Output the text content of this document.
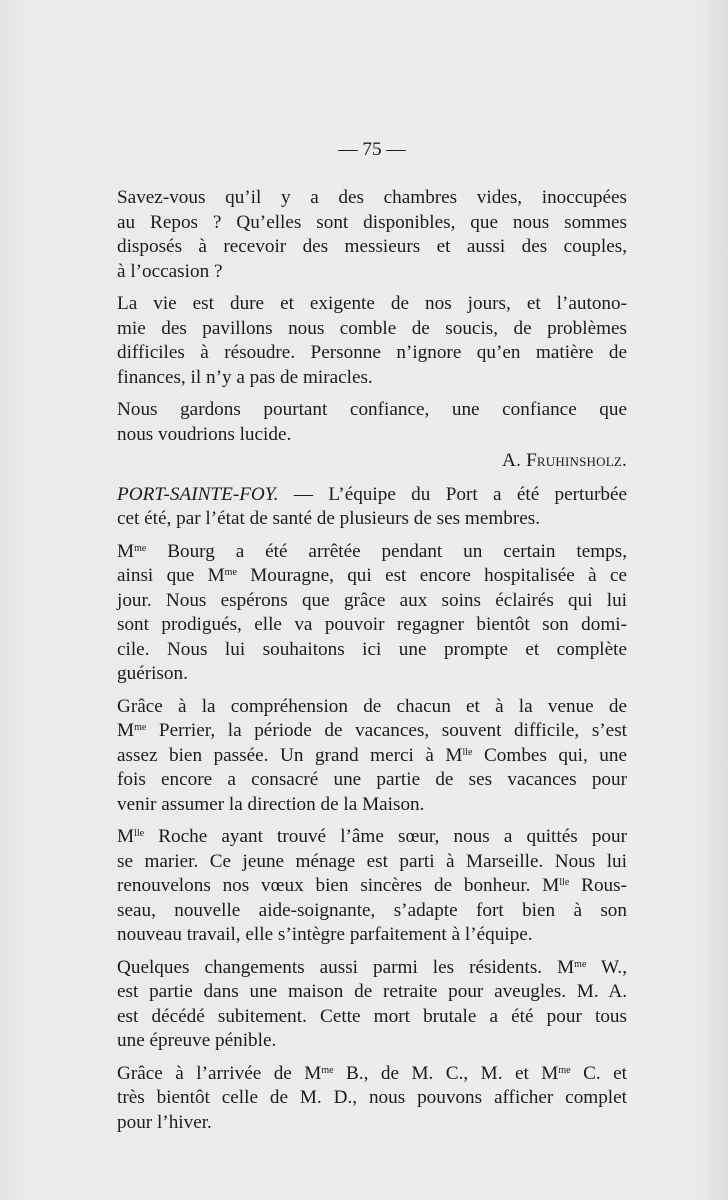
— 75 —
Savez-vous qu’il y a des chambres vides, inoccupées
au Repos ? Qu’elles sont disponibles, que nous sommes
disposés à recevoir des messieurs et aussi des couples,
à l’occasion ?
La vie est dure et exigente de nos jours, et l’autono-
mie des pavillons nous comble de soucis, de problèmes
difficiles à résoudre. Personne n’ignore qu’en matière de
finances, il n’y a pas de miracles.
Nous gardons pourtant confiance, une confiance que
nous voudrions lucide.
A. Fruhinsholz.
PORT-SAINTE-FOY. — L’équipe du Port a été perturbée
cet été, par l’état de santé de plusieurs de ses membres.
$M^{me}$ Bourg a été arrêtée pendant un certain temps,
ainsi que $M^{me}$ Mouragne, qui est encore hospitalisée à ce
jour. Nous espérons que grâce aux soins éclairés qui lui
sont prodigués, elle va pouvoir regagner bientôt son domi-
cile. Nous lui souhaitons ici une prompte et complète
guérison.
Grâce à la compréhension de chacun et à la venue de
$M^{me}$ Perrier, la période de vacances, souvent difficile, s’est
assez bien passée. Un grand merci à $M^{lle}$ Combes qui, une
fois encore a consacré une partie de ses vacances pour
venir assumer la direction de la Maison.
$M^{lle}$ Roche ayant trouvé l’âme sœur, nous a quittés pour
se marier. Ce jeune ménage est parti à Marseille. Nous lui
renouvelons nos vœux bien sincères de bonheur. $M^{lle}$ Rous-
seau, nouvelle aide-soignante, s’adapte fort bien à son
nouveau travail, elle s’intègre parfaitement à l’équipe.
Quelques changements aussi parmi les résidents. $M^{me}$ W.,
est partie dans une maison de retraite pour aveugles. M. A.
est décédé subitement. Cette mort brutale a été pour tous
une épreuve pénible.
Grâce à l’arrivée de $M^{me}$ B., de M. C., M. et $M^{me}$ C. et
très bientôt celle de M. D., nous pouvons afficher complet
pour l’hiver.
